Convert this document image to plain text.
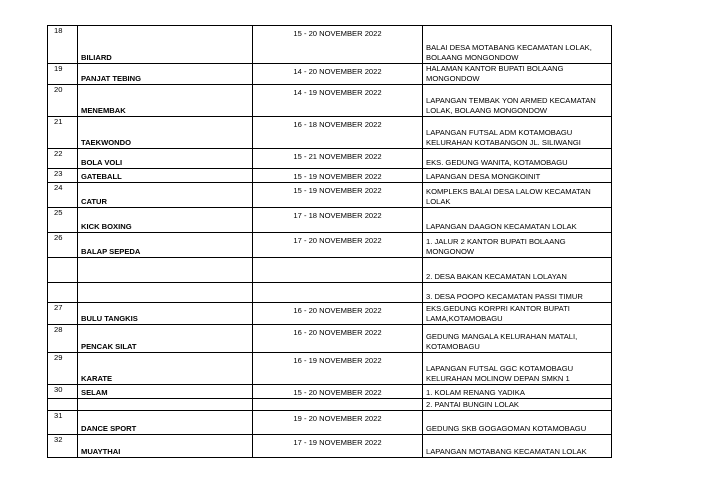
18	BILIARD	15 - 20 NOVEMBER 2022	BALAI DESA MOTABANG KECAMATAN LOLAK, BOLAANG MONGONDOW
19	PANJAT TEBING	14 - 20 NOVEMBER 2022	HALAMAN KANTOR BUPATI BOLAANG MONGONDOW
20	MENEMBAK	14 - 19 NOVEMBER 2022	LAPANGAN TEMBAK YON ARMED KECAMATAN LOLAK, BOLAANG MONGONDOW
21	TAEKWONDO	16 - 18 NOVEMBER 2022	LAPANGAN FUTSAL ADM KOTAMOBAGU KELURAHAN KOTABANGON JL. SILIWANGI
22	BOLA VOLI	15 - 21 NOVEMBER 2022	EKS. GEDUNG WANITA, KOTAMOBAGU
23	GATEBALL	15 - 19 NOVEMBER 2022	LAPANGAN DESA MONGKOINIT
24	CATUR	15 - 19 NOVEMBER 2022	KOMPLEKS BALAI DESA LALOW KECAMATAN LOLAK
25	KICK BOXING	17 - 18 NOVEMBER 2022	LAPANGAN DAAGON KECAMATAN LOLAK
26	BALAP SEPEDA	17 - 20 NOVEMBER 2022	1. JALUR 2 KANTOR BUPATI BOLAANG MONGONOW
			2. DESA BAKAN KECAMATAN LOLAYAN
			3. DESA POOPO KECAMATAN PASSI TIMUR
27	BULU TANGKIS	16 - 20 NOVEMBER 2022	EKS.GEDUNG KORPRI KANTOR BUPATI LAMA,KOTAMOBAGU
28	PENCAK SILAT	16 - 20 NOVEMBER 2022	GEDUNG MANGALA KELURAHAN MATALI, KOTAMOBAGU
29	KARATE	16 - 19 NOVEMBER 2022	LAPANGAN FUTSAL GGC KOTAMOBAGU KELURAHAN MOLINOW DEPAN SMKN 1
30	SELAM	15 - 20 NOVEMBER 2022	1. KOLAM RENANG YADIKA
			2. PANTAI BUNGIN LOLAK
31	DANCE SPORT	19 - 20 NOVEMBER 2022	GEDUNG SKB GOGAGOMAN KOTAMOBAGU
32	MUAYTHAI	17 - 19 NOVEMBER 2022	LAPANGAN MOTABANG KECAMATAN LOLAK
